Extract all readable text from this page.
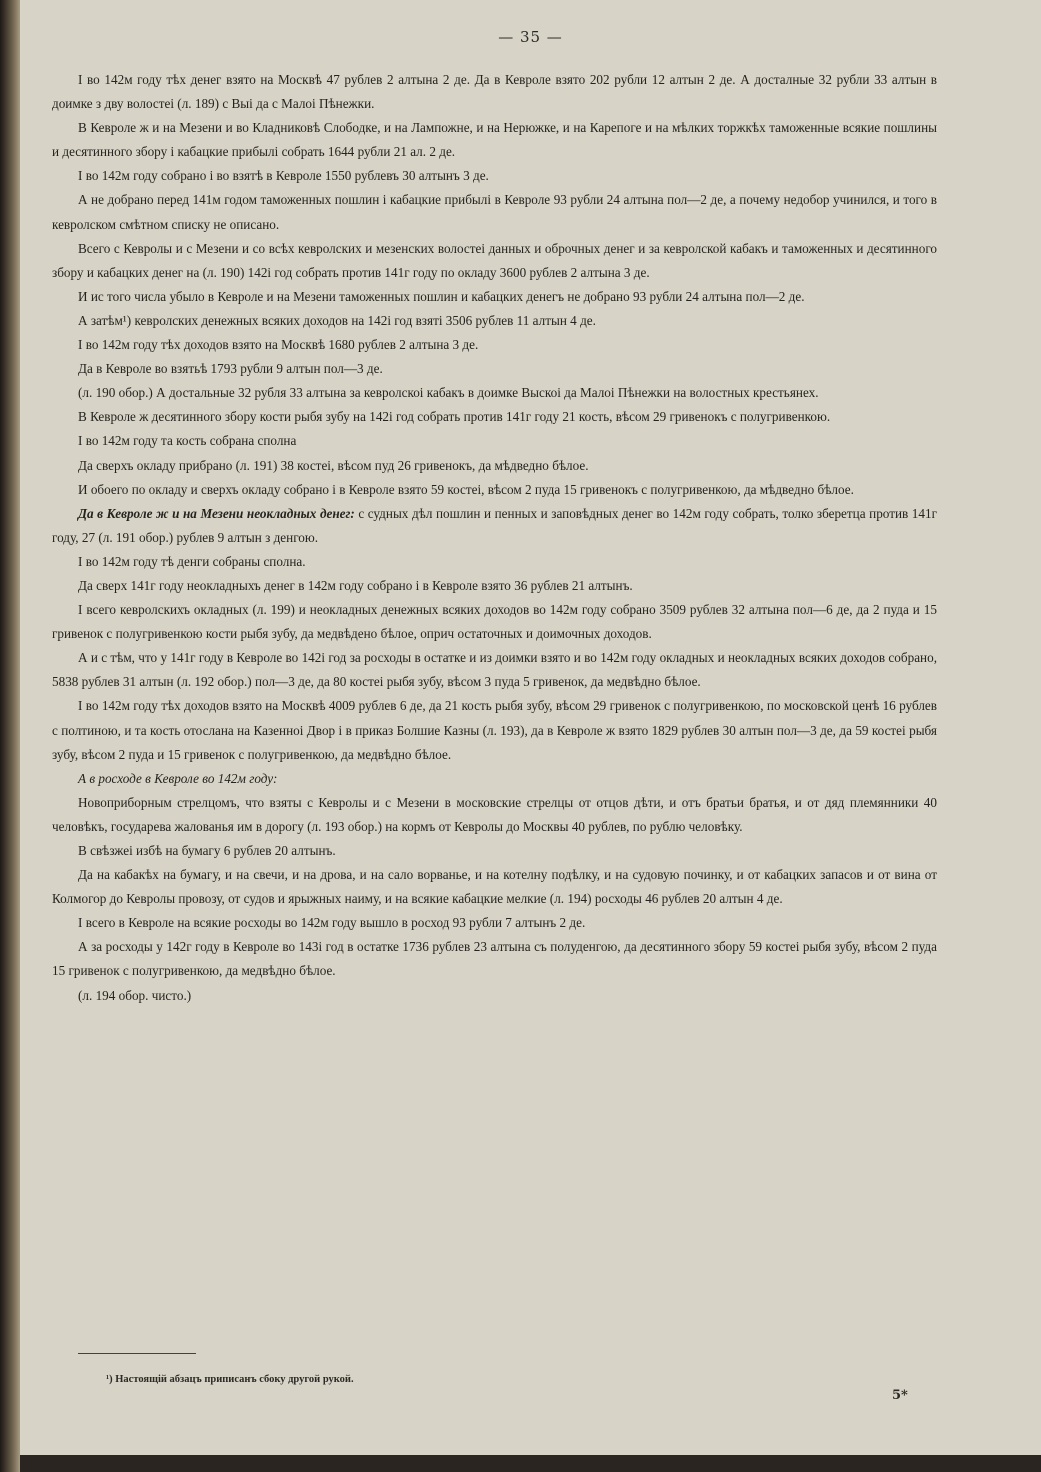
— 35 —

I во 142м году тѣх денег взято на Москвѣ 47 рублев 2 алтына 2 де. Да в Кевроле взято 202 рубли 12 алтын 2 де. А досталные 32 рубли 33 алтын в доимке з дву волостеі (л. 189) с Выі да с Малоі Пѣнежки.

В Кевроле ж и на Мезени и во Кладниковѣ Слободке, и на Лампожне, и на Нерюжке, и на Карепоге и на мѣлких торжкѣх таможенные всякие пошлины и десятинного збору і кабацкие прибылі собрать 1644 рубли 21 ал. 2 де.

I во 142м году собрано і во взятѣ в Кевроле 1550 рублевъ 30 алтынъ 3 де.

А не добрано перед 141м годом таможенных пошлин і кабацкие прибылі в Кевроле 93 рубли 24 алтына пол—2 де, а почему недобор учинился, и того в кевролском смѣтном списку не описано.

Всего с Кевролы и с Мезени и со всѣх кевролских и мезенских волостеі данных и оброчных денег и за кевролской кабакъ и таможенных и десятинного збору и кабацких денег на (л. 190) 142і год собрать против 141г году по окладу 3600 рублев 2 алтына 3 де.

И ис того числа убыло в Кевроле и на Мезени таможенных пошлин и кабацких денегъ не добрано 93 рубли 24 алтына пол—2 де.

А затѣм¹) кевролских денежных всяких доходов на 142і год взяті 3506 рублев 11 алтын 4 де.

I во 142м году тѣх доходов взято на Москвѣ 1680 рублев 2 алтына 3 де.

Да в Кевроле во взятьѣ 1793 рубли 9 алтын пол—3 де.

(л. 190 обор.) А достальные 32 рубля 33 алтына за кевролскоі кабакъ в доимке Выскоі да Малоі Пѣнежки на волостных крестьянех.

В Кевроле ж десятинного збору кости рыбя зубу на 142і год собрать против 141г году 21 кость, вѣсом 29 гривенокъ с полугривенкою.

I во 142м году та кость собрана сполна

Да сверхъ окладу прибрано (л. 191) 38 костеі, вѣсом пуд 26 гривенокъ, да мѣдведно бѣлое.

И обоего по окладу и сверхъ окладу собрано і в Кевроле взято 59 костеі, вѣсом 2 пуда 15 гривенокъ с полугривенкою, да мѣдведно бѣлое.

Да в Кевроле ж и на Мезени неокладных денег: с судных дѣл пошлин и пенных и заповѣдных денег во 142м году собрать, толко зберетца против 141г году, 27 (л. 191 обор.) рублев 9 алтын з денгою.

I во 142м году тѣ денги собраны сполна.

Да сверх 141г году неокладныхъ денег в 142м году собрано і в Кевроле взято 36 рублев 21 алтынъ.

I всего кевролскихъ окладных (л. 199) и неокладных денежных всяких доходов во 142м году собрано 3509 рублев 32 алтына пол—6 де, да 2 пуда и 15 гривенок с полугривенкою кости рыбя зубу, да медвѣдено бѣлое, оприч остаточных и доимочных доходов.

А и с тѣм, что у 141г году в Кевроле во 142і год за росходы в остатке и из доимки взято и во 142м году окладных и неокладных всяких доходов собрано, 5838 рублев 31 алтын (л. 192 обор.) пол—3 де, да 80 костеі рыбя зубу, вѣсом 3 пуда 5 гривенок, да медвѣдно бѣлое.

I во 142м году тѣх доходов взято на Москвѣ 4009 рублев 6 де, да 21 кость рыбя зубу, вѣсом 29 гривенок с полугривенкою, по московской ценѣ 16 рублев с полтиною, и та кость отослана на Казенноі Двор і в приказ Болшие Казны (л. 193), да в Кевроле ж взято 1829 рублев 30 алтын пол—3 де, да 59 костеі рыбя зубу, вѣсом 2 пуда и 15 гривенок с полугривенкою, да медвѣдно бѣлое.

А в росходе в Кевроле во 142м году:

Новоприборным стрелцомъ, что взяты с Кевролы и с Мезени в московские стрелцы от отцов дѣти, и отъ братьи братья, и от дяд племянники 40 человѣкъ, государева жалованья им в дорогу (л. 193 обор.) на кормъ от Кевролы до Москвы 40 рублев, по рублю человѣку.

В свѣзжеі избѣ на бумагу 6 рублев 20 алтынъ.

Да на кабакѣх на бумагу, и на свечи, и на дрова, и на сало ворванье, и на котелну подѣлку, и на судовую починку, и от кабацких запасов и от вина от Колмогор до Кевролы провозу, от судов и ярыжных наиму, и на всякие кабацкие мелкие (л. 194) росходы 46 рублев 20 алтын 4 де.

I всего в Кевроле на всякие росходы во 142м году вышло в росход 93 рубли 7 алтынъ 2 де.

А за росходы у 142г году в Кевроле во 143і год в остатке 1736 рублев 23 алтына съ полуденгою, да десятинного збору 59 костеі рыбя зубу, вѣсом 2 пуда 15 гривенок с полугривенкою, да медвѣдно бѣлое.

(л. 194 обор. чисто.)

¹) Настоящій абзацъ приписанъ сбоку другой рукой.
5*
